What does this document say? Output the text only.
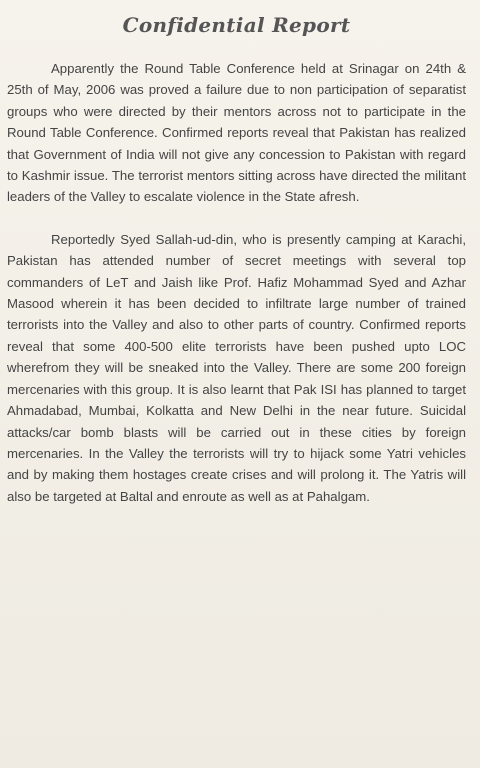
Confidential Report

Apparently the Round Table Conference held at Srinagar on 24th & 25th of May, 2006 was proved a failure due to non participation of separatist groups who were directed by their mentors across not to participate in the Round Table Conference. Confirmed reports reveal that Pakistan has realized that Government of India will not give any concession to Pakistan with regard to Kashmir issue. The terrorist mentors sitting across have directed the militant leaders of the Valley to escalate violence in the State afresh.

Reportedly Syed Sallah-ud-din, who is presently camping at Karachi, Pakistan has attended number of secret meetings with several top commanders of LeT and Jaish like Prof. Hafiz Mohammad Syed and Azhar Masood wherein it has been decided to infiltrate large number of trained terrorists into the Valley and also to other parts of country. Confirmed reports reveal that some 400-500 elite terrorists have been pushed upto LOC wherefrom they will be sneaked into the Valley. There are some 200 foreign mercenaries with this group. It is also learnt that Pak ISI has planned to target Ahmadabad, Mumbai, Kolkatta and New Delhi in the near future. Suicidal attacks/car bomb blasts will be carried out in these cities by foreign mercenaries. In the Valley the terrorists will try to hijack some Yatri vehicles and by making them hostages create crises and will prolong it. The Yatris will also be targeted at Baltal and enroute as well as at Pahalgam.
